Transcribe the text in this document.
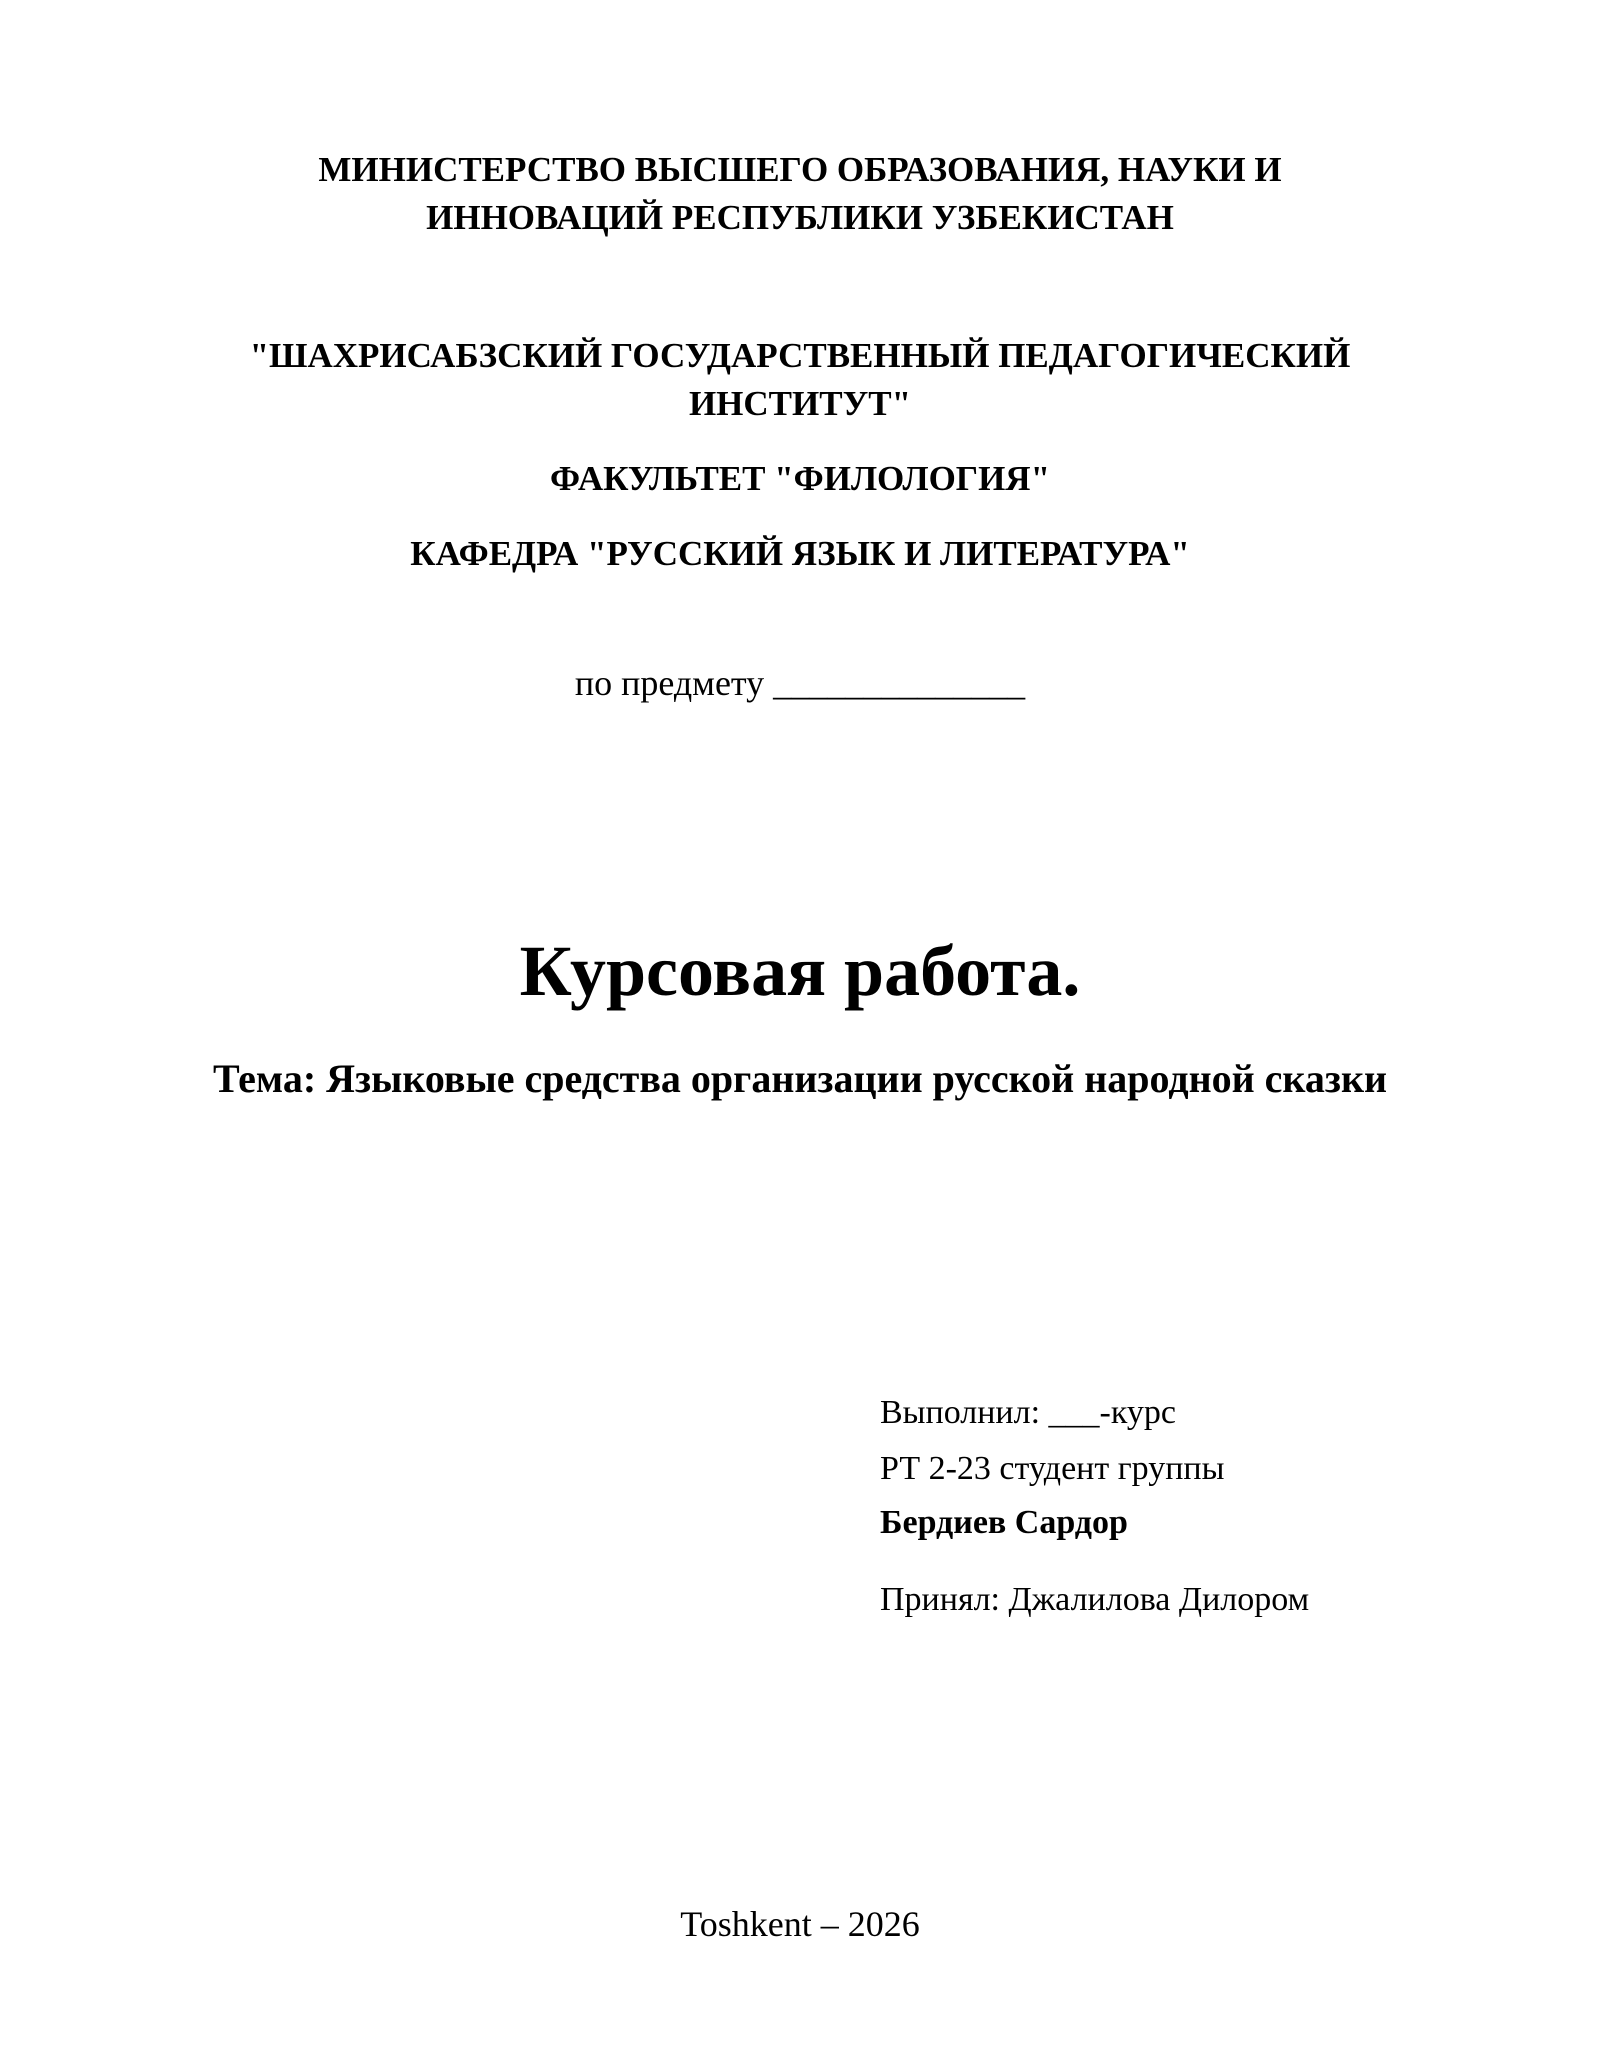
МИНИСТЕРСТВО ВЫСШЕГО ОБРАЗОВАНИЯ, НАУКИ И
ИННОВАЦИЙ РЕСПУБЛИКИ УЗБЕКИСТАН
"ШАХРИСАБЗСКИЙ ГОСУДАРСТВЕННЫЙ ПЕДАГОГИЧЕСКИЙ
ИНСТИТУТ"
ФАКУЛЬТЕТ "ФИЛОЛОГИЯ"
КАФЕДРА "РУССКИЙ ЯЗЫК И ЛИТЕРАТУРА"
по предмету ______________
Курсовая работа.
Тема: Языковые средства организации русской народной сказки
Выполнил: ___-курс
РТ 2-23 студент группы
Бердиев Сардор
Принял: Джалилова Дилором
Toshkent – 2026
